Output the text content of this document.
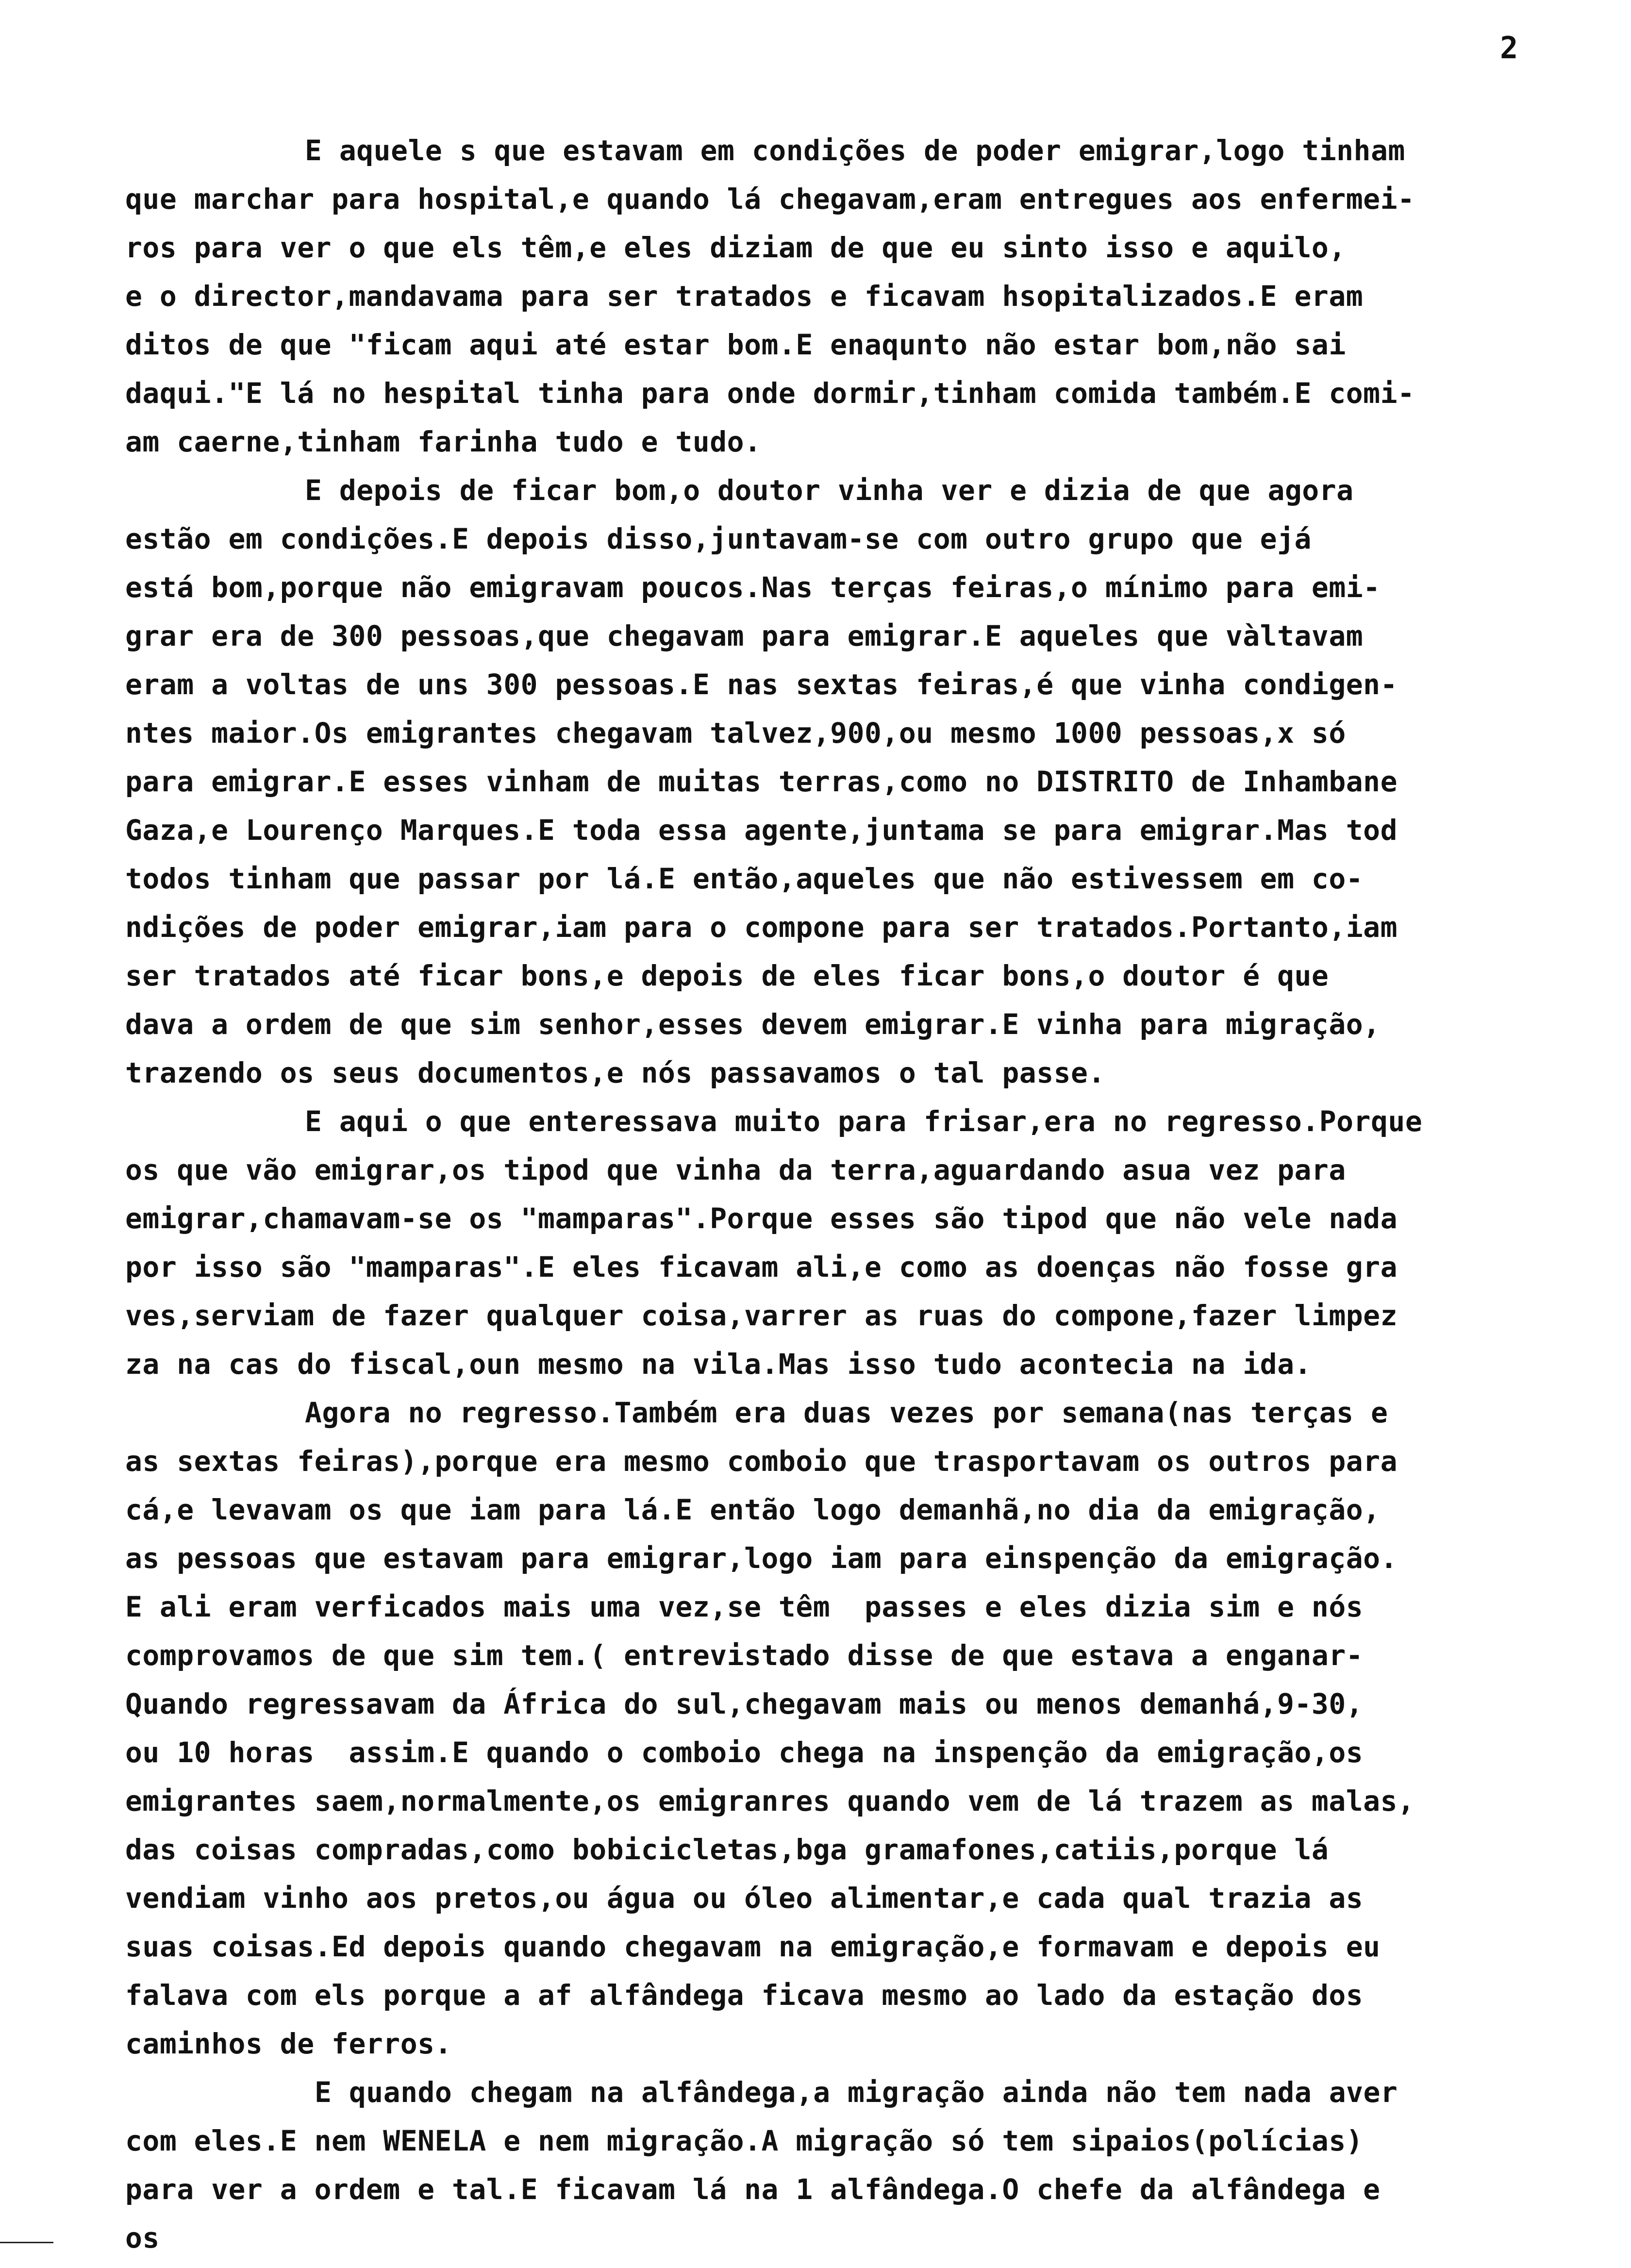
2
E aquele s que estavam em condições de poder emigrar,logo tinham
que marchar para hospital,e quando lá chegavam,eram entregues aos enfermei-
ros para ver o que els têm,e eles diziam de que eu sinto isso e aquilo,
e o director,mandavama para ser tratados e ficavam hsopitalizados.E eram
ditos de que "ficam aqui até estar bom.E enaqunto não estar bom,não sai
daqui."E lá no hespital tinha para onde dormir,tinham comida também.E comi-
am caerne,tinham farinha tudo e tudo.
E depois de ficar bom,o doutor vinha ver e dizia de que agora
estão em condições.E depois disso,juntavam-se com outro grupo que ejá
está bom,porque não emigravam poucos.Nas terças feiras,o mínimo para emi-
grar era de 300 pessoas,que chegavam para emigrar.E aqueles que vàltavam
eram a voltas de uns 300 pessoas.E nas sextas feiras,é que vinha condigen-
ntes maior.Os emigrantes chegavam talvez,900,ou mesmo 1000 pessoas,x só
para emigrar.E esses vinham de muitas terras,como no DISTRITO de Inhambane
Gaza,e Lourenço Marques.E toda essa agente,juntama se para emigrar.Mas tod
todos tinham que passar por lá.E então,aqueles que não estivessem em co-
ndições de poder emigrar,iam para o compone para ser tratados.Portanto,iam
ser tratados até ficar bons,e depois de eles ficar bons,o doutor é que
dava a ordem de que sim senhor,esses devem emigrar.E vinha para migração,
trazendo os seus documentos,e nós passavamos o tal passe.
E aqui o que enteressava muito para frisar,era no regresso.Porque
os que vão emigrar,os tipod que vinha da terra,aguardando asua vez para
emigrar,chamavam-se os "mamparas".Porque esses são tipod que não vele nada
por isso são "mamparas".E eles ficavam ali,e como as doenças não fosse gra
ves,serviam de fazer qualquer coisa,varrer as ruas do compone,fazer limpez
za na cas do fiscal,oun mesmo na vila.Mas isso tudo acontecia na ida.
Agora no regresso.Também era duas vezes por semana(nas terças e
as sextas feiras),porque era mesmo comboio que trasportavam os outros para
cá,e levavam os que iam para lá.E então logo demanhã,no dia da emigração,
as pessoas que estavam para emigrar,logo iam para einspenção da emigração.
E ali eram verficados mais uma vez,se têm  passes e eles dizia sim e nós
comprovamos de que sim tem.( entrevistado disse de que estava a enganar-
Quando regressavam da África do sul,chegavam mais ou menos demanhá,9-30,
ou 10 horas  assim.E quando o comboio chega na inspenção da emigração,os
emigrantes saem,normalmente,os emigranres quando vem de lá trazem as malas,
das coisas compradas,como bobicicletas,bga gramafones,catiis,porque lá
vendiam vinho aos pretos,ou água ou óleo alimentar,e cada qual trazia as
suas coisas.Ed depois quando chegavam na emigração,e formavam e depois eu
falava com els porque a af alfândega ficava mesmo ao lado da estação dos
caminhos de ferros.
E quando chegam na alfândega,a migração ainda não tem nada aver
com eles.E nem WENELA e nem migração.A migração só tem sipaios(polícias)
para ver a ordem e tal.E ficavam lá na 1 alfândega.O chefe da alfândega e
os
